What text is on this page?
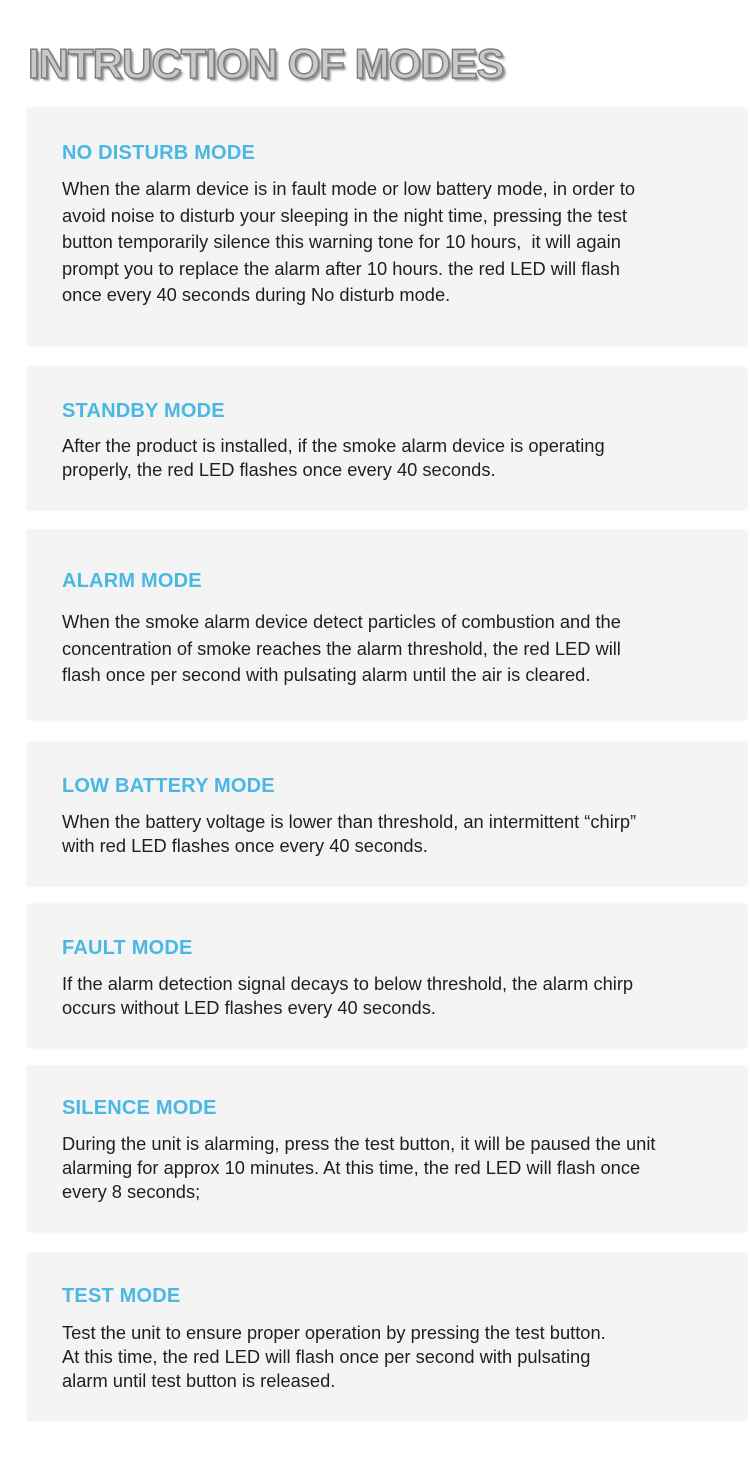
INTRUCTION OF MODES
NO DISTURB MODE
When the alarm device is in fault mode or low battery mode, in order to
avoid noise to disturb your sleeping in the night time, pressing the test
button temporarily silence this warning tone for 10 hours,  it will again
prompt you to replace the alarm after 10 hours. the red LED will flash
once every 40 seconds during No disturb mode.
STANDBY MODE
After the product is installed, if the smoke alarm device is operating
properly, the red LED flashes once every 40 seconds.
ALARM MODE
When the smoke alarm device detect particles of combustion and the
concentration of smoke reaches the alarm threshold, the red LED will
flash once per second with pulsating alarm until the air is cleared.
LOW BATTERY MODE
When the battery voltage is lower than threshold, an intermittent “chirp”
with red LED flashes once every 40 seconds.
FAULT MODE
If the alarm detection signal decays to below threshold, the alarm chirp
occurs without LED flashes every 40 seconds.
SILENCE MODE
During the unit is alarming, press the test button, it will be paused the unit
alarming for approx 10 minutes. At this time, the red LED will flash once
every 8 seconds;
TEST MODE
Test the unit to ensure proper operation by pressing the test button.
At this time, the red LED will flash once per second with pulsating
alarm until test button is released.
